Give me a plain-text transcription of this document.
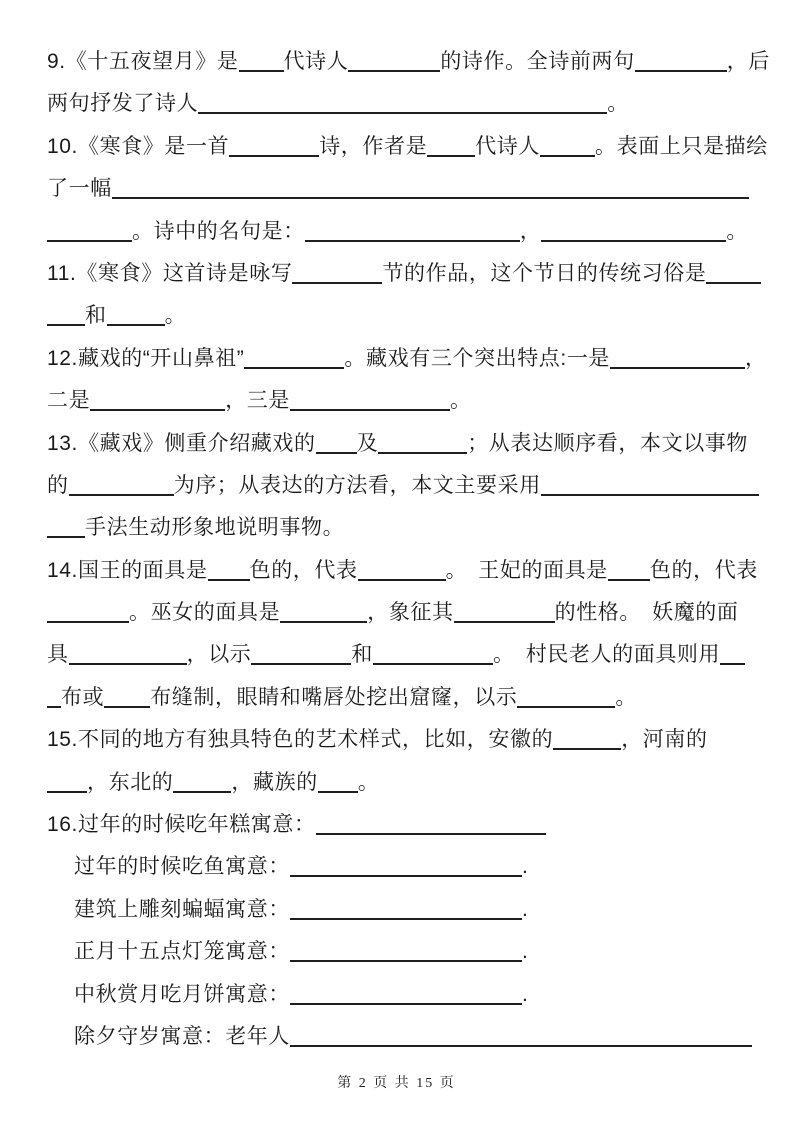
9.《十五夜望月》是 代诗人	的诗作。全诗前两句	，后
两句抒发了诗人	。
10.《寒食》是一首	诗，作者是 代诗人	。表面上只是描绘
了一幅
。诗中的名句是：	，	。
11.《寒食》这首诗是咏写	节的作品，这个节日的传统习俗是
和	。
12.藏戏的“开山鼻祖”	。藏戏有三个突出特点:一是	，
二是	，三是	。
13.《藏戏》侧重介绍藏戏的 及	；从表达顺序看，本文以事物
的	为序；从表达的方法看，本文主要采用
手法生动形象地说明事物。
14.国王的面具是 色的，代表	。　王妃的面具是 色的，代表
。巫女的面具是	，象征其	的性格。　妖魔的面
具	，以示	和	。　村民老人的面具则用
布或 布缝制，眼睛和嘴唇处挖出窟窿，以示	。
15.不同的地方有独具特色的艺术样式，比如，安徽的	，河南的
，东北的	，藏族的 。
16.过年的时候吃年糕寓意：
过年的时候吃鱼寓意：	.
建筑上雕刻蝙蝠寓意：	.
正月十五点灯笼寓意：	.
中秋赏月吃月饼寓意：	.
除夕守岁寓意：老年人
第 2 页 共 15 页
